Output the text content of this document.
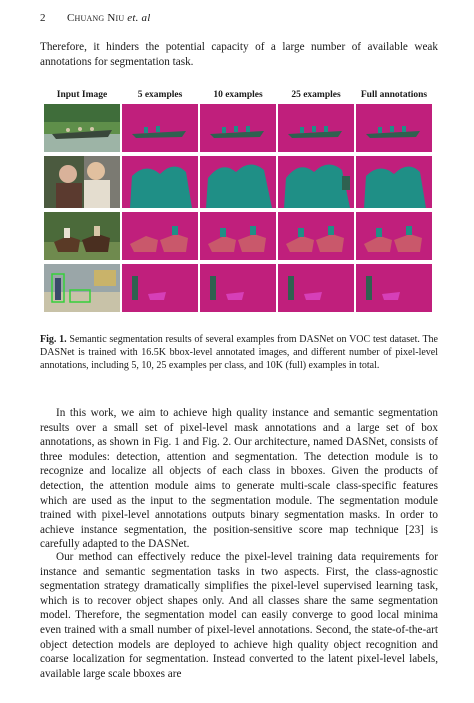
2 Chuang Niu et. al

Therefore, it hinders the potential capacity of a large number of available weak annotations for segmentation task.

Input Image	5 examples	10 examples	25 examples	Full annotations

Fig. 1. Semantic segmentation results of several examples from DASNet on VOC test dataset. The DASNet is trained with 16.5K bbox-level annotated images, and different number of pixel-level annotations, including 5, 10, 25 examples per class, and 10K (full) examples in total.

In this work, we aim to achieve high quality instance and semantic segmentation results over a small set of pixel-level mask annotations and a large set of box annotations, as shown in Fig. 1 and Fig. 2. Our architecture, named DASNet, consists of three modules: detection, attention and segmentation. The detection module is to recognize and localize all objects of each class in bboxes. Given the products of detection, the attention module aims to generate multi-scale class-specific features which are used as the input to the segmentation module. The segmentation module trained with pixel-level annotations outputs binary segmentation masks. In order to achieve instance segmentation, the position-sensitive score map technique [23] is carefully adapted to the DASNet.

Our method can effectively reduce the pixel-level training data requirements for instance and semantic segmentation tasks in two aspects. First, the class-agnostic segmentation strategy dramatically simplifies the pixel-level supervised learning task, which is to recover object shapes only. And all classes share the same segmentation model. Therefore, the segmentation model can easily converge to good local minima even trained with a small number of pixel-level annotations. Second, the state-of-the-art object detection models are deployed to achieve high quality object recognition and coarse localization for segmentation. Instead converted to the latent pixel-level labels, available large scale bboxes are
